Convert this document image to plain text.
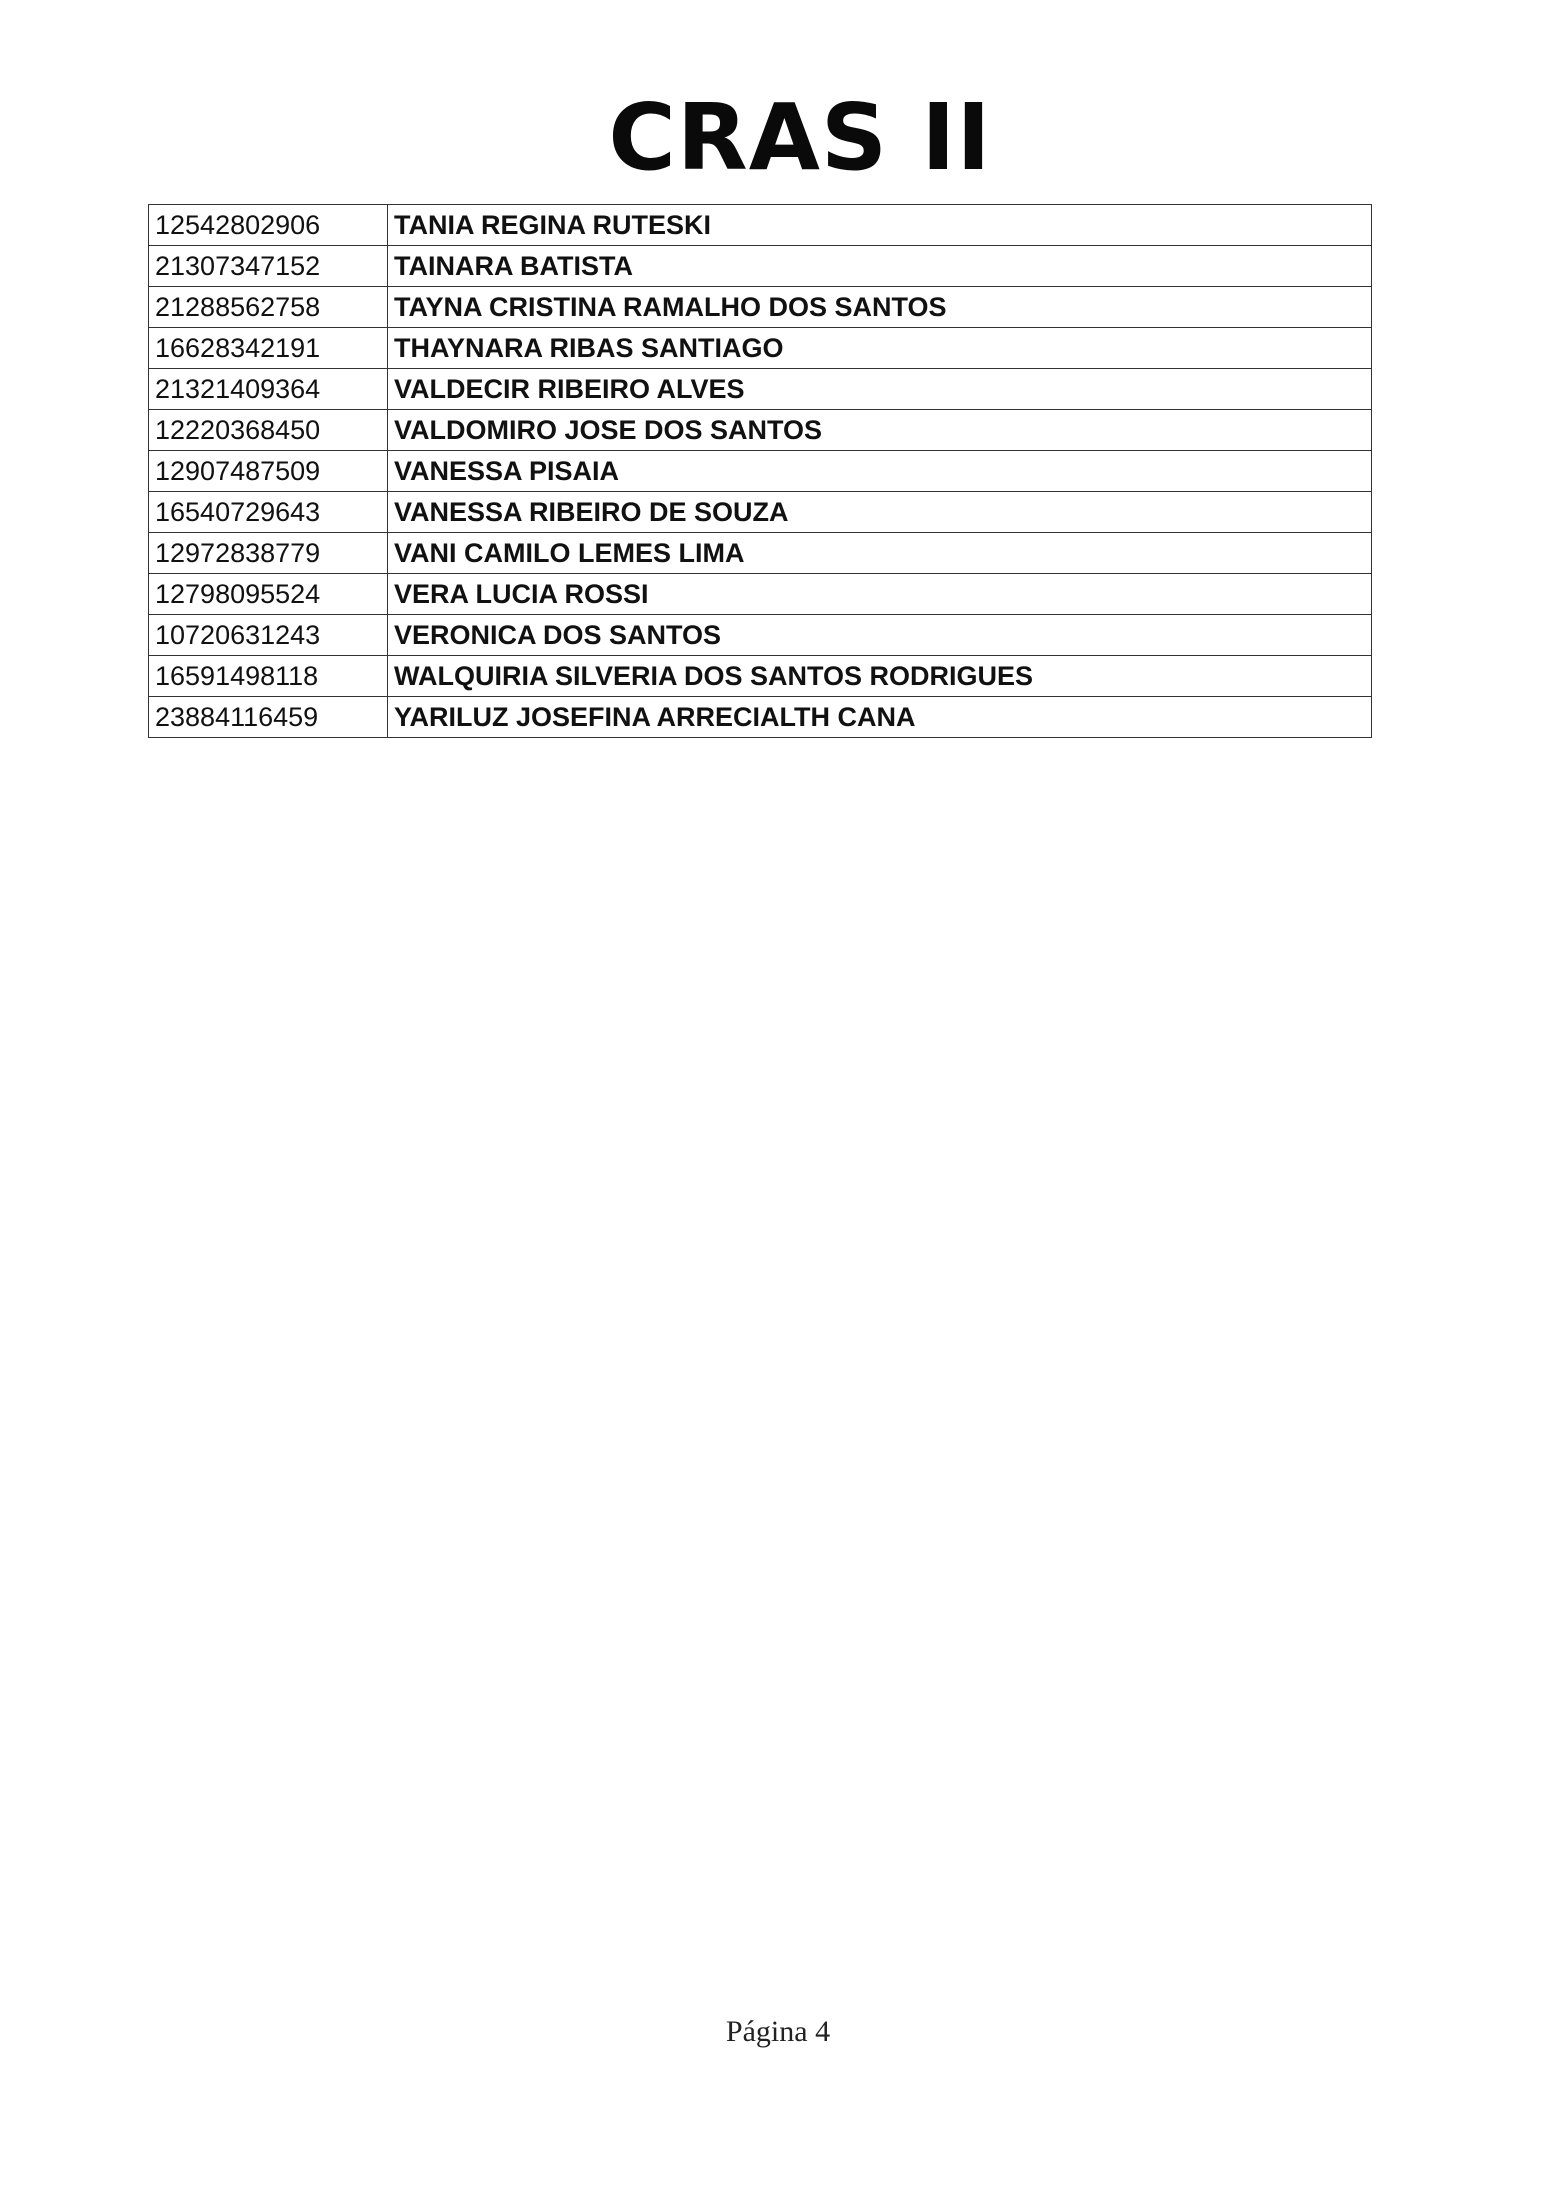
CRAS II
12542802906	TANIA REGINA RUTESKI
21307347152	TAINARA BATISTA
21288562758	TAYNA CRISTINA RAMALHO DOS SANTOS
16628342191	THAYNARA RIBAS SANTIAGO
21321409364	VALDECIR RIBEIRO ALVES
12220368450	VALDOMIRO JOSE DOS SANTOS
12907487509	VANESSA PISAIA
16540729643	VANESSA RIBEIRO DE SOUZA
12972838779	VANI CAMILO LEMES LIMA
12798095524	VERA LUCIA ROSSI
10720631243	VERONICA DOS SANTOS
16591498118	WALQUIRIA SILVERIA DOS SANTOS RODRIGUES
23884116459	YARILUZ JOSEFINA ARRECIALTH CANA
Página 4
